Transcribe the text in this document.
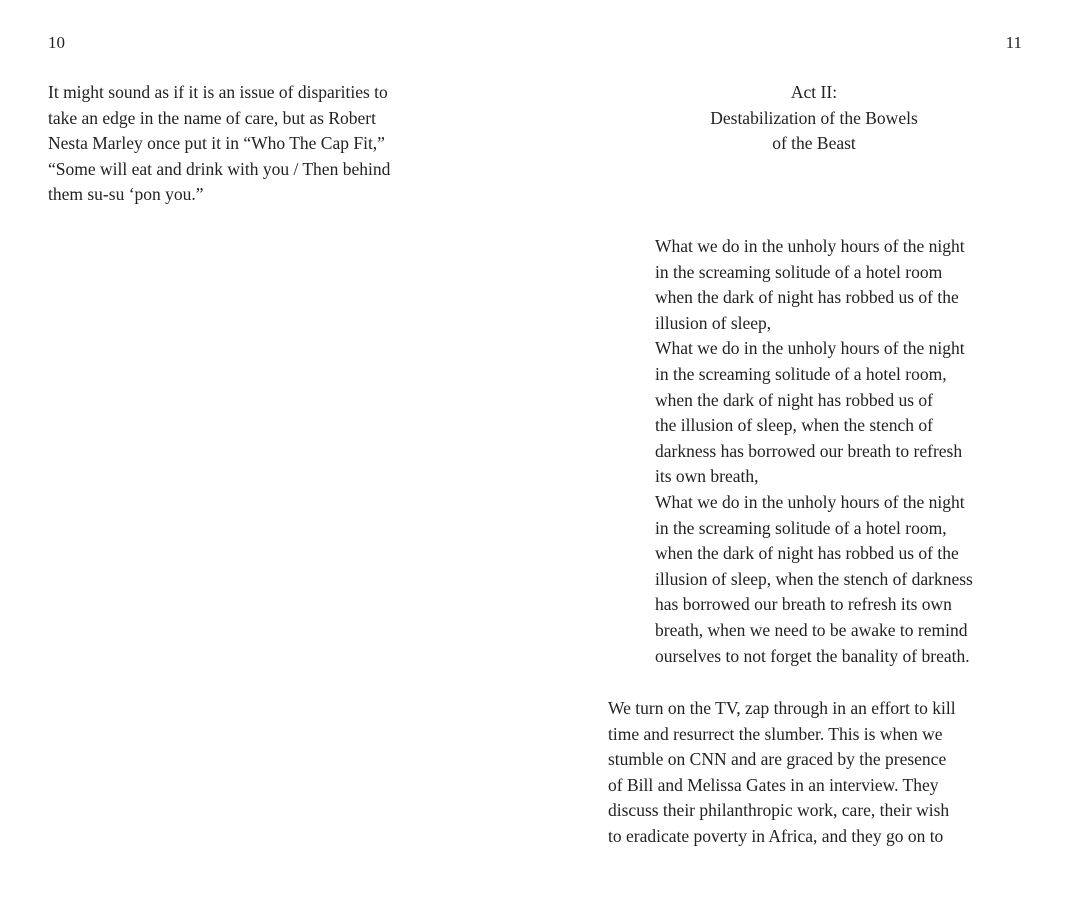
10	11
It might sound as if it is an issue of disparities to
take an edge in the name of care, but as Robert
Nesta Marley once put it in “Who The Cap Fit,”
“Some will eat and drink with you / Then behind
them su-su ‘pon you.”
Act II:
Destabilization of the Bowels
of the Beast
What we do in the unholy hours of the night
in the screaming solitude of a hotel room
when the dark of night has robbed us of the
illusion of sleep,
What we do in the unholy hours of the night
in the screaming solitude of a hotel room,
when the dark of night has robbed us of
the illusion of sleep, when the stench of
darkness has borrowed our breath to refresh
its own breath,
What we do in the unholy hours of the night
in the screaming solitude of a hotel room,
when the dark of night has robbed us of the
illusion of sleep, when the stench of darkness
has borrowed our breath to refresh its own
breath, when we need to be awake to remind
ourselves to not forget the banality of breath.
We turn on the TV, zap through in an effort to kill
time and resurrect the slumber. This is when we
stumble on CNN and are graced by the presence
of Bill and Melissa Gates in an interview. They
discuss their philanthropic work, care, their wish
to eradicate poverty in Africa, and they go on to
